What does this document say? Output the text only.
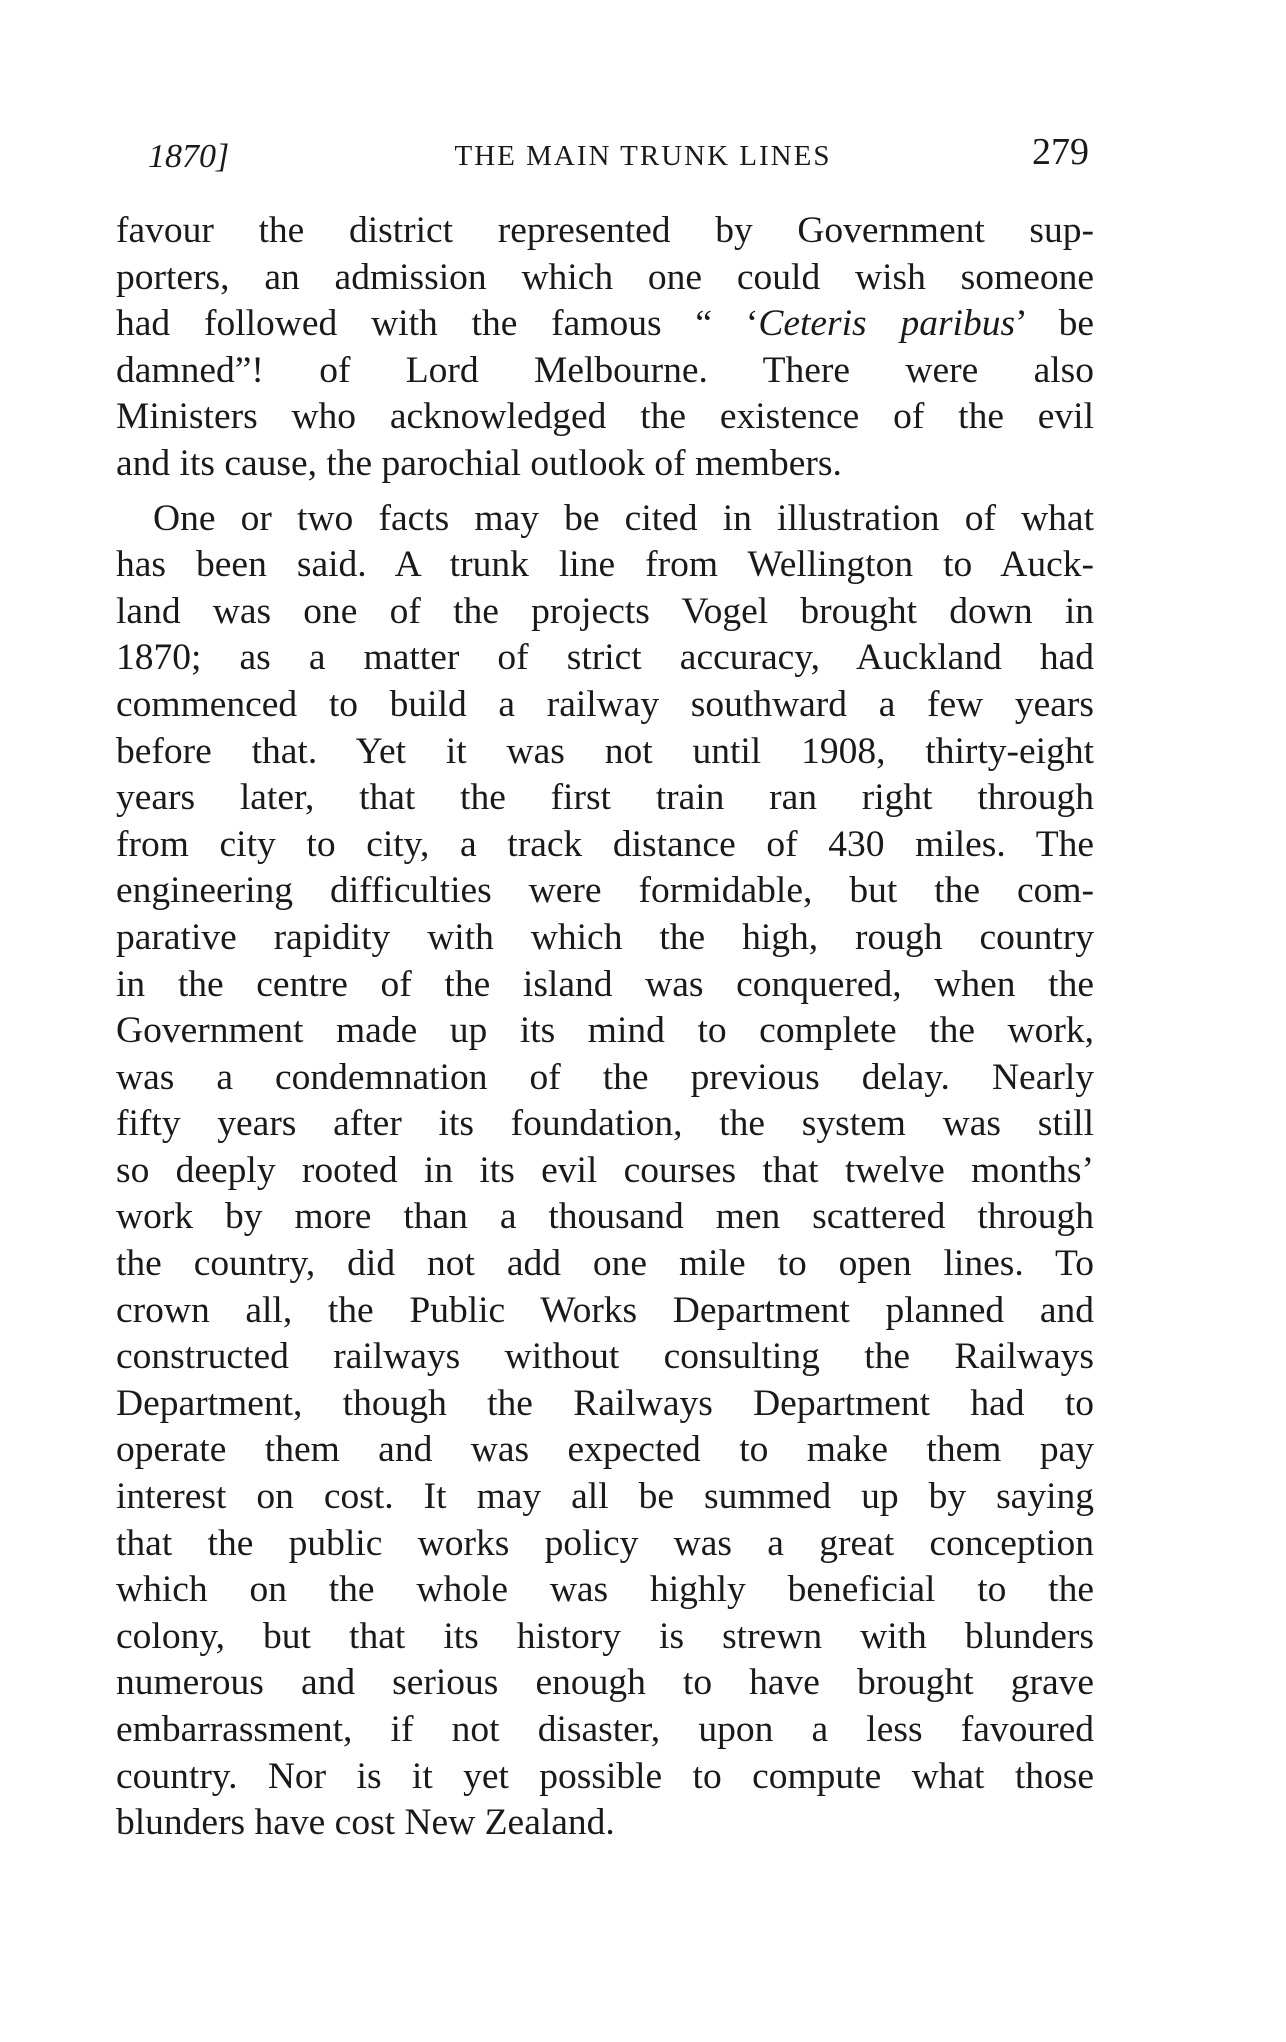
1870]	THE MAIN TRUNK LINES	279

favour the district represented by Government sup-
porters, an admission which one could wish someone
had followed with the famous “ ‘Ceteris paribus’ be
damned”! of Lord Melbourne. There were also
Ministers who acknowledged the existence of the evil
and its cause, the parochial outlook of members.

One or two facts may be cited in illustration of what
has been said. A trunk line from Wellington to Auck-
land was one of the projects Vogel brought down in
1870; as a matter of strict accuracy, Auckland had
commenced to build a railway southward a few years
before that. Yet it was not until 1908, thirty-eight
years later, that the first train ran right through
from city to city, a track distance of 430 miles. The
engineering difficulties were formidable, but the com-
parative rapidity with which the high, rough country
in the centre of the island was conquered, when the
Government made up its mind to complete the work,
was a condemnation of the previous delay. Nearly
fifty years after its foundation, the system was still
so deeply rooted in its evil courses that twelve months’
work by more than a thousand men scattered through
the country, did not add one mile to open lines. To
crown all, the Public Works Department planned and
constructed railways without consulting the Railways
Department, though the Railways Department had to
operate them and was expected to make them pay
interest on cost. It may all be summed up by saying
that the public works policy was a great conception
which on the whole was highly beneficial to the
colony, but that its history is strewn with blunders
numerous and serious enough to have brought grave
embarrassment, if not disaster, upon a less favoured
country. Nor is it yet possible to compute what those
blunders have cost New Zealand.
